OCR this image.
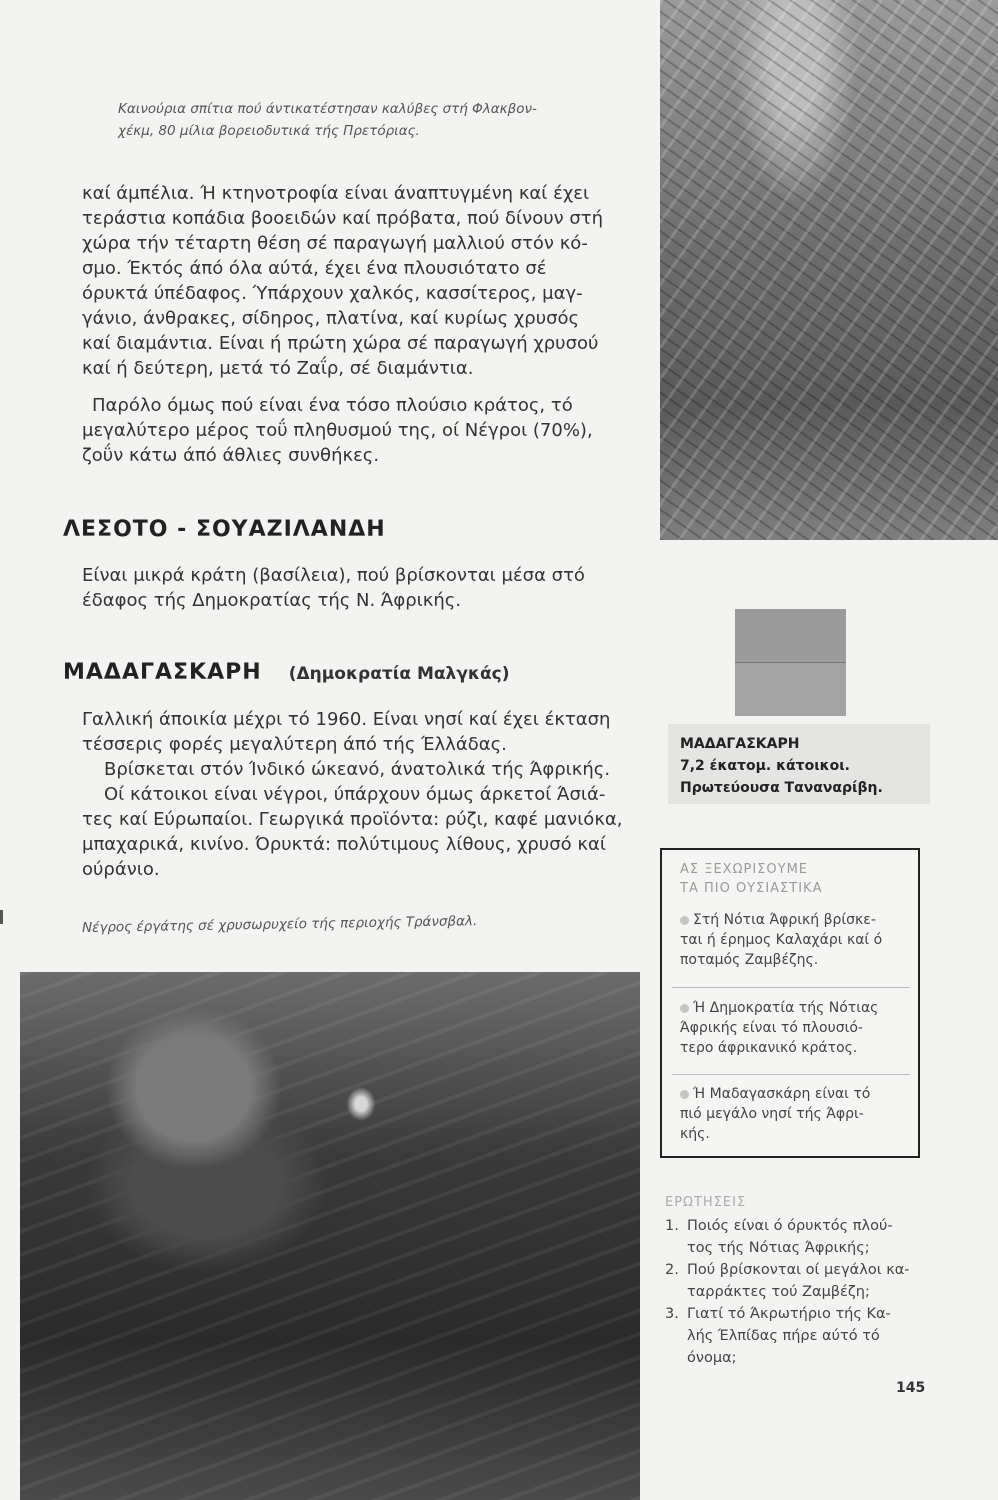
Καινούρια σπίτια πού άντικατέστησαν καλύβες στή Φλακβον-
χέκμ, 80 μίλια βορειοδυτικά τής Πρετόριας.
καί άμπέλια. Ή κτηνοτροφία είναι άναπτυγμένη καί έχει
τεράστια κοπάδια βοοειδών καί πρόβατα, πού δίνουν στή
χώρα τήν τέταρτη θέση σέ παραγωγή μαλλιού στόν κό-
σμο. Έκτός άπό όλα αύτά, έχει ένα πλουσιότατο σέ
όρυκτά ύπέδαφος. Ύπάρχουν χαλκός, κασσίτερος, μαγ-
γάνιο, άνθρακες, σίδηρος, πλατίνα, καί κυρίως χρυσός
καί διαμάντια. Είναι ή πρώτη χώρα σέ παραγωγή χρυσού
καί ή δεύτερη, μετά τό Ζαΐρ, σέ διαμάντια.
Παρόλο όμως πού είναι ένα τόσο πλούσιο κράτος, τό
μεγαλύτερο μέρος τοΰ πληθυσμού της, οί Νέγροι (70%),
ζοΰν κάτω άπό άθλιες συνθήκες.
ΛΕΣΟΤΟ - ΣΟΥΑΖΙΛΑΝΔΗ
Είναι μικρά κράτη (βασίλεια), πού βρίσκονται μέσα στό
έδαφος τής Δημοκρατίας τής Ν. Άφρικής.
ΜΑΔΑΓΑΣΚΑΡΗ (Δημοκρατία Μαλγκάς)
Γαλλική άποικία μέχρι τό 1960. Είναι νησί καί έχει έκταση
τέσσερις φορές μεγαλύτερη άπό τής Έλλάδας.
Βρίσκεται στόν Ίνδικό ώκεανό, άνατολικά τής Άφρικής.
Οί κάτοικοι είναι νέγροι, ύπάρχουν όμως άρκετοί Άσιά-
τες καί Εύρωπαίοι. Γεωργικά προϊόντα: ρύζι, καφέ μανιόκα,
μπαχαρικά, κινίνο. Όρυκτά: πολύτιμους λίθους, χρυσό καί
ούράνιο.
Νέγρος έργάτης σέ χρυσωρυχείο τής περιοχής Τράνσβαλ.
ΜΑΔΑΓΑΣΚΑΡΗ
7,2 έκατομ. κάτοικοι.
Πρωτεύουσα Ταναναρίβη.
ΑΣ ΞΕΧΩΡΙΣΟΥΜΕ
ΤΑ ΠΙΟ ΟΥΣΙΑΣΤΙΚΑ
Στή Νότια Άφρική βρίσκε-
ται ή έρημος Καλαχάρι καί ό
ποταμός Ζαμβέζης.
Ή Δημοκρατία τής Νότιας
Άφρικής είναι τό πλουσιό-
τερο άφρικανικό κράτος.
Ή Μαδαγασκάρη είναι τό
πιό μεγάλο νησί τής Άφρι-
κής.
ΕΡΩΤΗΣΕΙΣ
1. Ποιός είναι ό όρυκτός πλού-
τος τής Νότιας Άφρικής;
2. Πού βρίσκονται οί μεγάλοι κα-
ταρράκτες τού Ζαμβέζη;
3. Γιατί τό Άκρωτήριο τής Κα-
λής Έλπίδας πήρε αύτό τό
όνομα;
145
